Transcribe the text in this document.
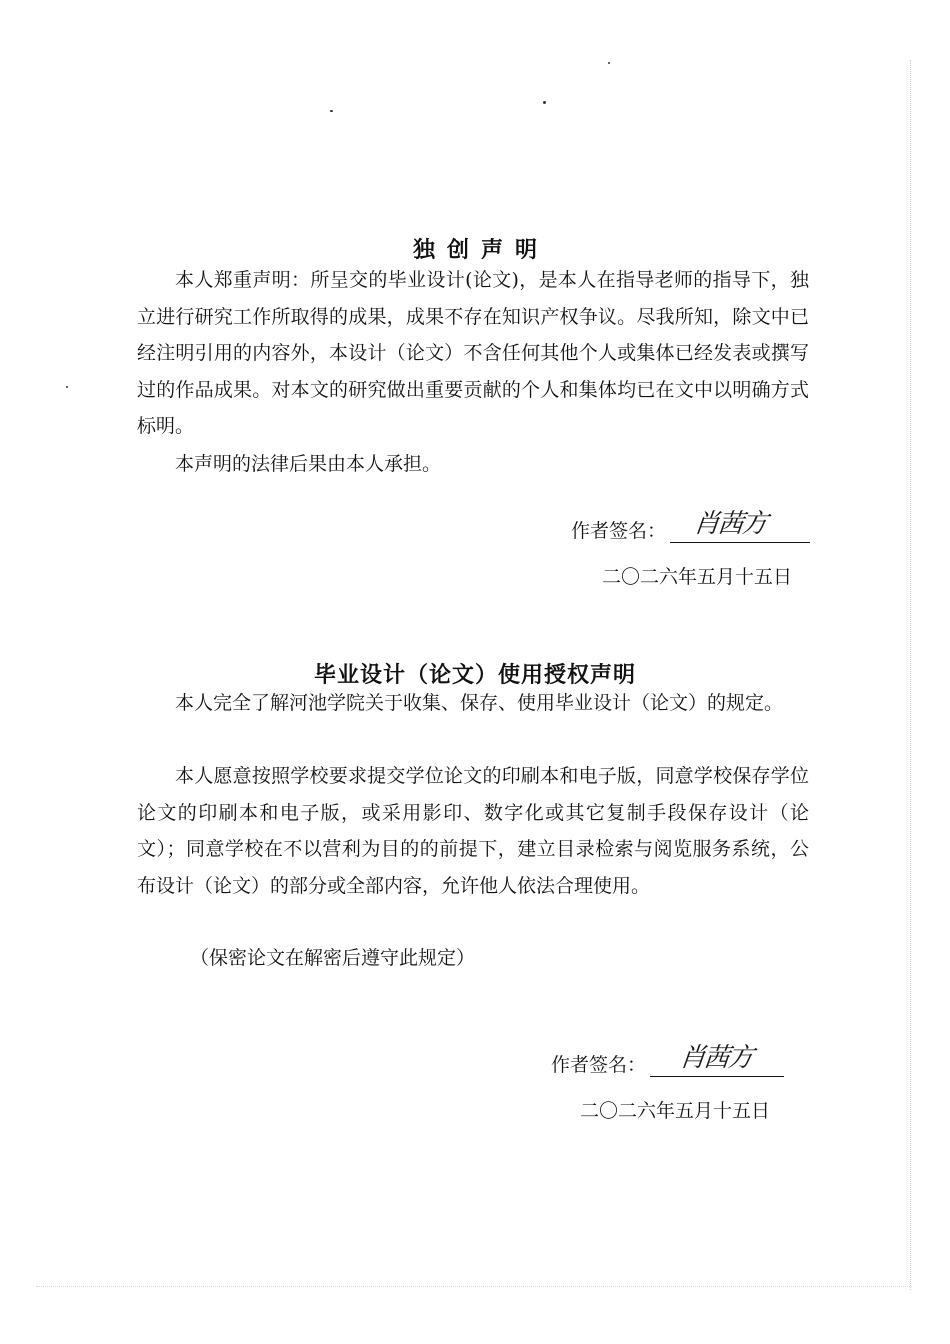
独创声明

本人郑重声明：所呈交的毕业设计(论文)，是本人在指导老师的指导下，独立进行研究工作所取得的成果，成果不存在知识产权争议。尽我所知，除文中已经注明引用的内容外，本设计（论文）不含任何其他个人或集体已经发表或撰写过的作品成果。对本文的研究做出重要贡献的个人和集体均已在文中以明确方式标明。

本声明的法律后果由本人承担。

作者签名： 肖茜方
二〇二六年五月十五日
毕业设计（论文）使用授权声明

本人完全了解河池学院关于收集、保存、使用毕业设计（论文）的规定。

本人愿意按照学校要求提交学位论文的印刷本和电子版，同意学校保存学位论文的印刷本和电子版，或采用影印、数字化或其它复制手段保存设计（论文）；同意学校在不以营利为目的的前提下，建立目录检索与阅览服务系统，公布设计（论文）的部分或全部内容，允许他人依法合理使用。

（保密论文在解密后遵守此规定）

作者签名： 肖茜方
二〇二六年五月十五日
